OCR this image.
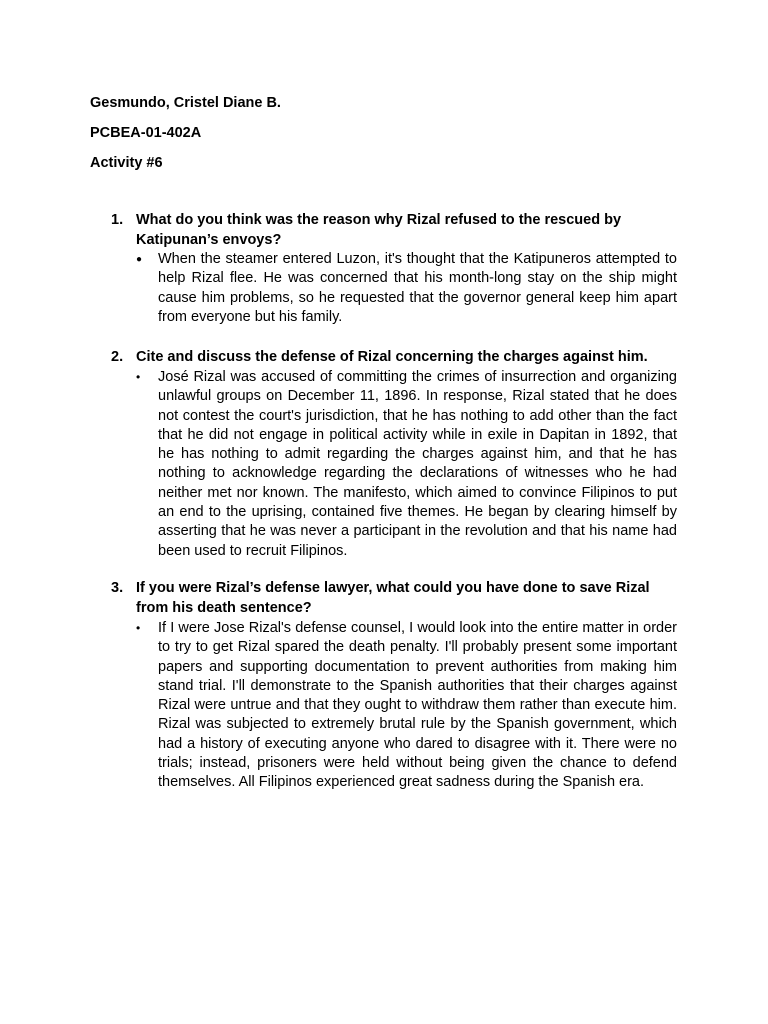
Gesmundo, Cristel Diane B.
PCBEA-01-402A
Activity #6
1. What do you think was the reason why Rizal refused to the rescued by Katipunan’s envoys?
●	When the steamer entered Luzon, it's thought that the Katipuneros attempted to help Rizal flee. He was concerned that his month-long stay on the ship might cause him problems, so he requested that the governor general keep him apart from everyone but his family.
2. Cite and discuss the defense of Rizal concerning the charges against him.
•	José Rizal was accused of committing the crimes of insurrection and organizing unlawful groups on December 11, 1896. In response, Rizal stated that he does not contest the court's jurisdiction, that he has nothing to add other than the fact that he did not engage in political activity while in exile in Dapitan in 1892, that he has nothing to admit regarding the charges against him, and that he has nothing to acknowledge regarding the declarations of witnesses who he had neither met nor known. The manifesto, which aimed to convince Filipinos to put an end to the uprising, contained five themes. He began by clearing himself by asserting that he was never a participant in the revolution and that his name had been used to recruit Filipinos.
3. If you were Rizal’s defense lawyer, what could you have done to save Rizal from his death sentence?
•	If I were Jose Rizal's defense counsel, I would look into the entire matter in order to try to get Rizal spared the death penalty. I'll probably present some important papers and supporting documentation to prevent authorities from making him stand trial. I'll demonstrate to the Spanish authorities that their charges against Rizal were untrue and that they ought to withdraw them rather than execute him. Rizal was subjected to extremely brutal rule by the Spanish government, which had a history of executing anyone who dared to disagree with it. There were no trials; instead, prisoners were held without being given the chance to defend themselves. All Filipinos experienced great sadness during the Spanish era.
